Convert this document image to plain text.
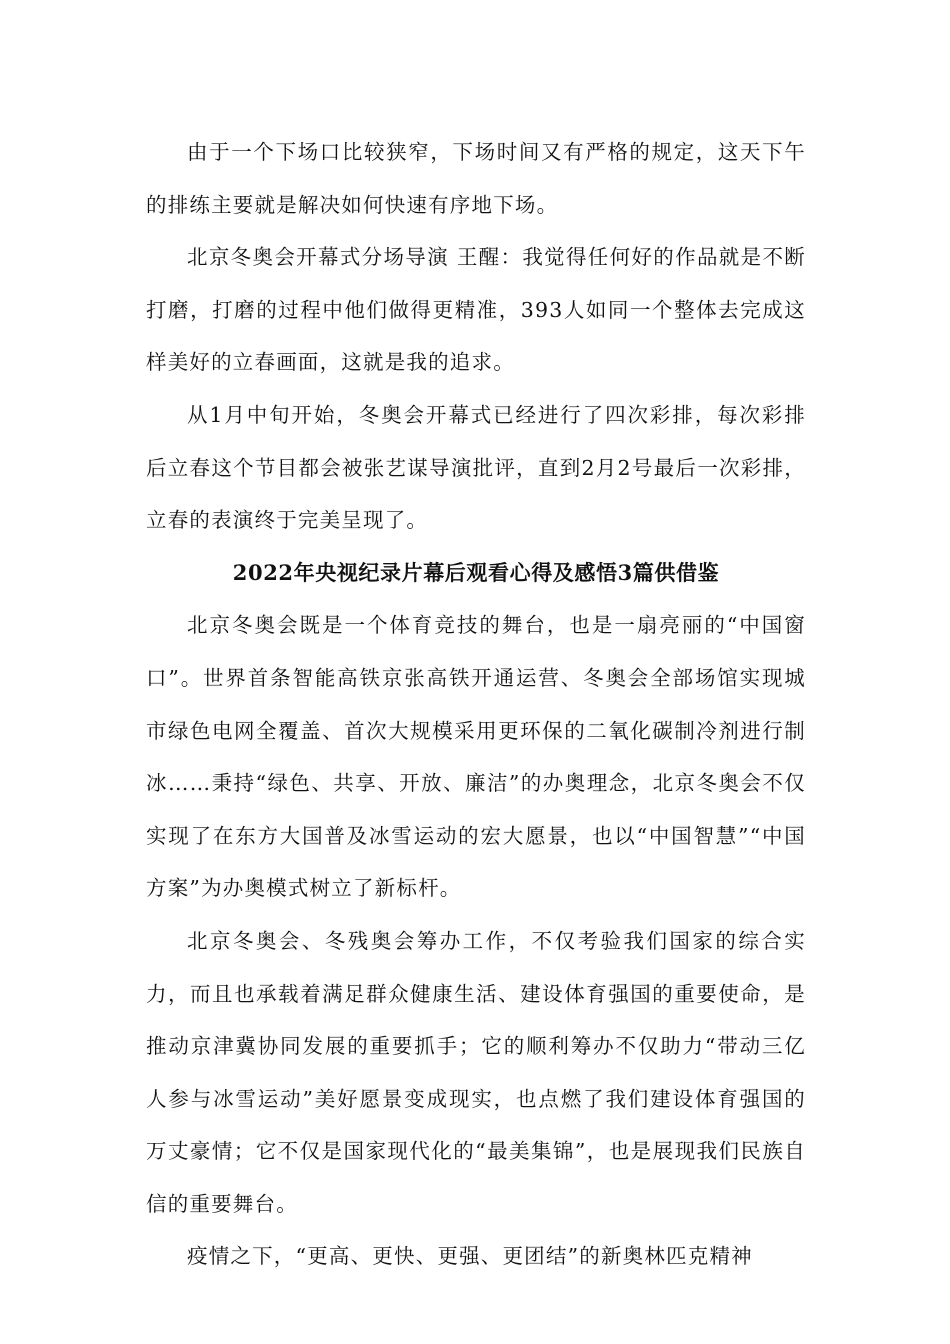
由于一个下场口比较狭窄，下场时间又有严格的规定，这天下午的排练主要就是解决如何快速有序地下场。

北京冬奥会开幕式分场导演 王醒：我觉得任何好的作品就是不断打磨，打磨的过程中他们做得更精准，393人如同一个整体去完成这样美好的立春画面，这就是我的追求。

从1月中旬开始，冬奥会开幕式已经进行了四次彩排，每次彩排后立春这个节目都会被张艺谋导演批评，直到2月2号最后一次彩排，立春的表演终于完美呈现了。

2022年央视纪录片幕后观看心得及感悟3篇供借鉴

北京冬奥会既是一个体育竞技的舞台，也是一扇亮丽的“中国窗口”。世界首条智能高铁京张高铁开通运营、冬奥会全部场馆实现城市绿色电网全覆盖、首次大规模采用更环保的二氧化碳制冷剂进行制冰……秉持“绿色、共享、开放、廉洁”的办奥理念，北京冬奥会不仅实现了在东方大国普及冰雪运动的宏大愿景，也以“中国智慧”“中国方案”为办奥模式树立了新标杆。

北京冬奥会、冬残奥会筹办工作，不仅考验我们国家的综合实力，而且也承载着满足群众健康生活、建设体育强国的重要使命，是推动京津冀协同发展的重要抓手；它的顺利筹办不仅助力“带动三亿人参与冰雪运动”美好愿景变成现实，也点燃了我们建设体育强国的万丈豪情；它不仅是国家现代化的“最美集锦”，也是展现我们民族自信的重要舞台。

疫情之下，“更高、更快、更强、更团结”的新奥林匹克精神
